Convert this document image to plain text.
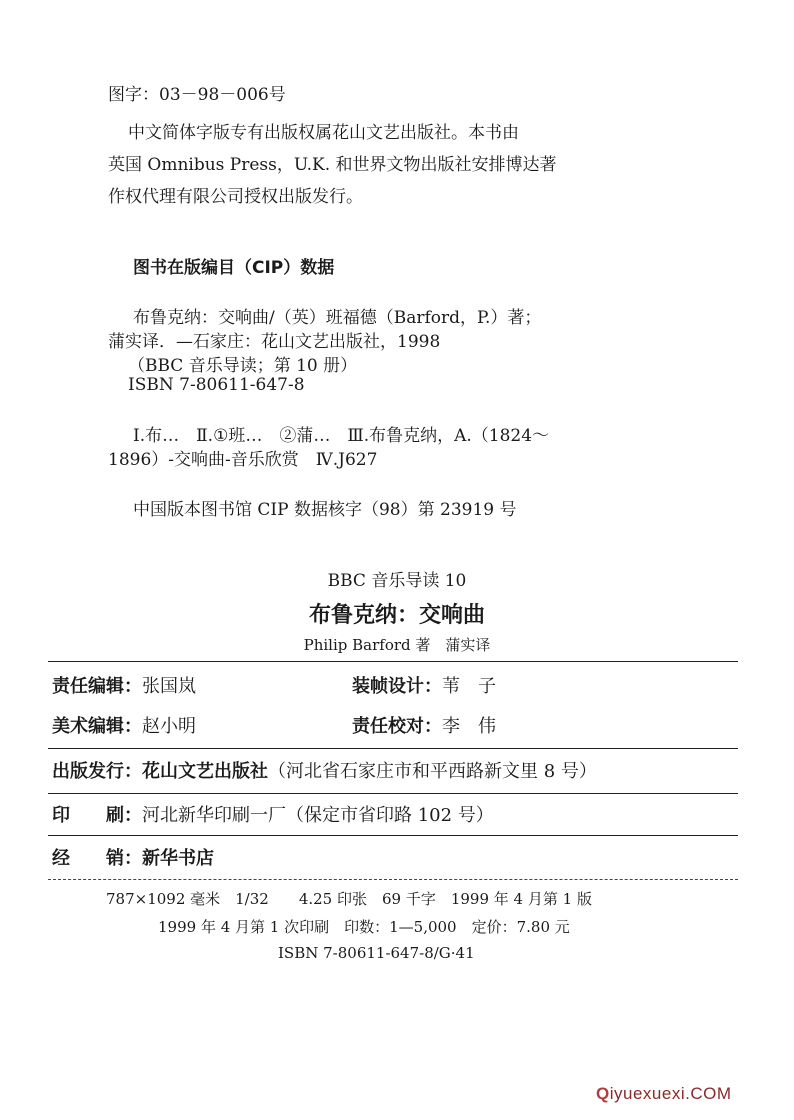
图字：03－98－006号
中文简体字版专有出版权属花山文艺出版社。本书由
英国 Omnibus Press，U.K. 和世界文物出版社安排博达著
作权代理有限公司授权出版发行。
图书在版编目（CIP）数据
布鲁克纳：交响曲/（英）班福德（Barford，P.）著；
蒲实译．—石家庄：花山文艺出版社，1998
（BBC 音乐导读；第 10 册）
ISBN 7-80611-647-8
Ⅰ.布…　Ⅱ.①班…　②蒲…　Ⅲ.布鲁克纳，A.（1824～
1896）-交响曲-音乐欣赏　Ⅳ.J627
中国版本图书馆 CIP 数据核字（98）第 23919 号
BBC 音乐导读 10
布鲁克纳：交响曲
Philip Barford 著　蒲实译
责任编辑：张国岚	装帧设计：苇　子
美术编辑：赵小明	责任校对：李　伟
出版发行：花山文艺出版社（河北省石家庄市和平西路新文里 8 号）
印　　刷：河北新华印刷一厂（保定市省印路 102 号）
经　　销：新华书店
787×1092 毫米　1/32　　4.25 印张　69 千字　1999 年 4 月第 1 版
1999 年 4 月第 1 次印刷　印数：1—5,000　定价：7.80 元
ISBN 7-80611-647-8/G·41
Qiyuexuexi.COM
